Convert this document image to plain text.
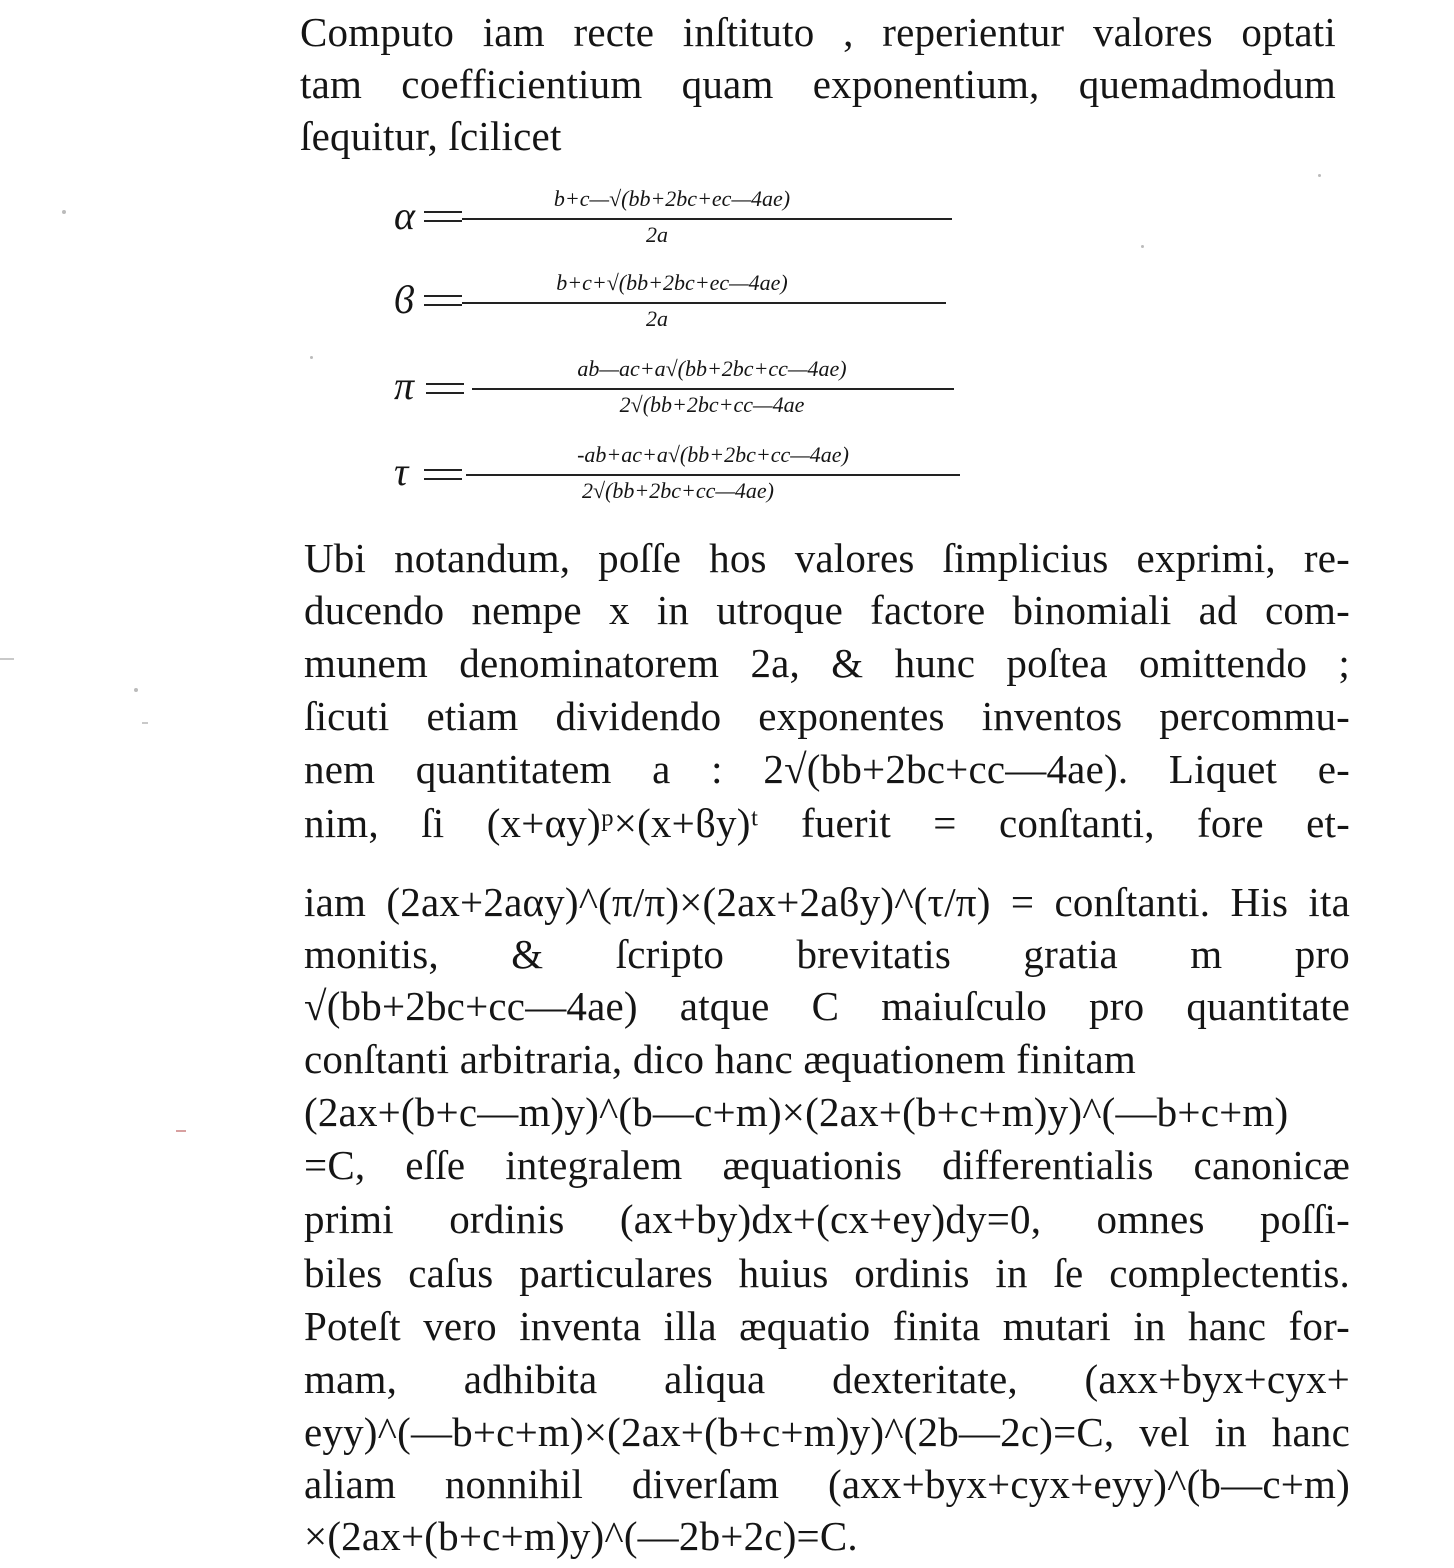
Computo iam recte inſtituto , reperientur valores optati
tam coefficientium quam exponentium, quemadmodum
ſequitur, ſcilicet
α	b+c—√(bb+2bc+ec—4ae)
2a
ϐ	b+c+√(bb+2bc+ec—4ae)
2a
π	ab—ac+a√(bb+2bc+cc—4ae)
2√(bb+2bc+cc—4ae
τ	-ab+ac+a√(bb+2bc+cc—4ae)
2√(bb+2bc+cc—4ae)
Ubi notandum, poſſe hos valores ſimplicius exprimi, re-
ducendo nempe x in utroque factore binomiali ad com-
munem denominatorem 2a, & hunc poſtea omittendo ;
ſicuti etiam dividendo exponentes inventos percommu-
nem quantitatem a : 2√(bb+2bc+cc—4ae). Liquet e-
nim, ſi (x+αy)ᵖ×(x+ϐy)ᵗ fuerit = conſtanti, fore et-
iam (2ax+2aαy)^(π/π)×(2ax+2aϐy)^(τ/π) = conſtanti. His ita
monitis, & ſcripto brevitatis gratia m pro
√(bb+2bc+cc—4ae) atque C maiuſculo pro quantitate
conſtanti arbitraria, dico hanc æquationem finitam
(2ax+(b+c—m)y)^(b—c+m)×(2ax+(b+c+m)y)^(—b+c+m)
=C, eſſe integralem æquationis differentialis canonicæ
primi ordinis (ax+by)dx+(cx+ey)dy=0, omnes poſſi-
biles caſus particulares huius ordinis in ſe complectentis.
Poteſt vero inventa illa æquatio finita mutari in hanc for-
mam, adhibita aliqua dexteritate, (axx+byx+cyx+
eyy)^(—b+c+m)×(2ax+(b+c+m)y)^(2b—2c)=C, vel in hanc
aliam nonnihil diverſam (axx+byx+cyx+eyy)^(b—c+m)
×(2ax+(b+c+m)y)^(—2b+2c)=C.
